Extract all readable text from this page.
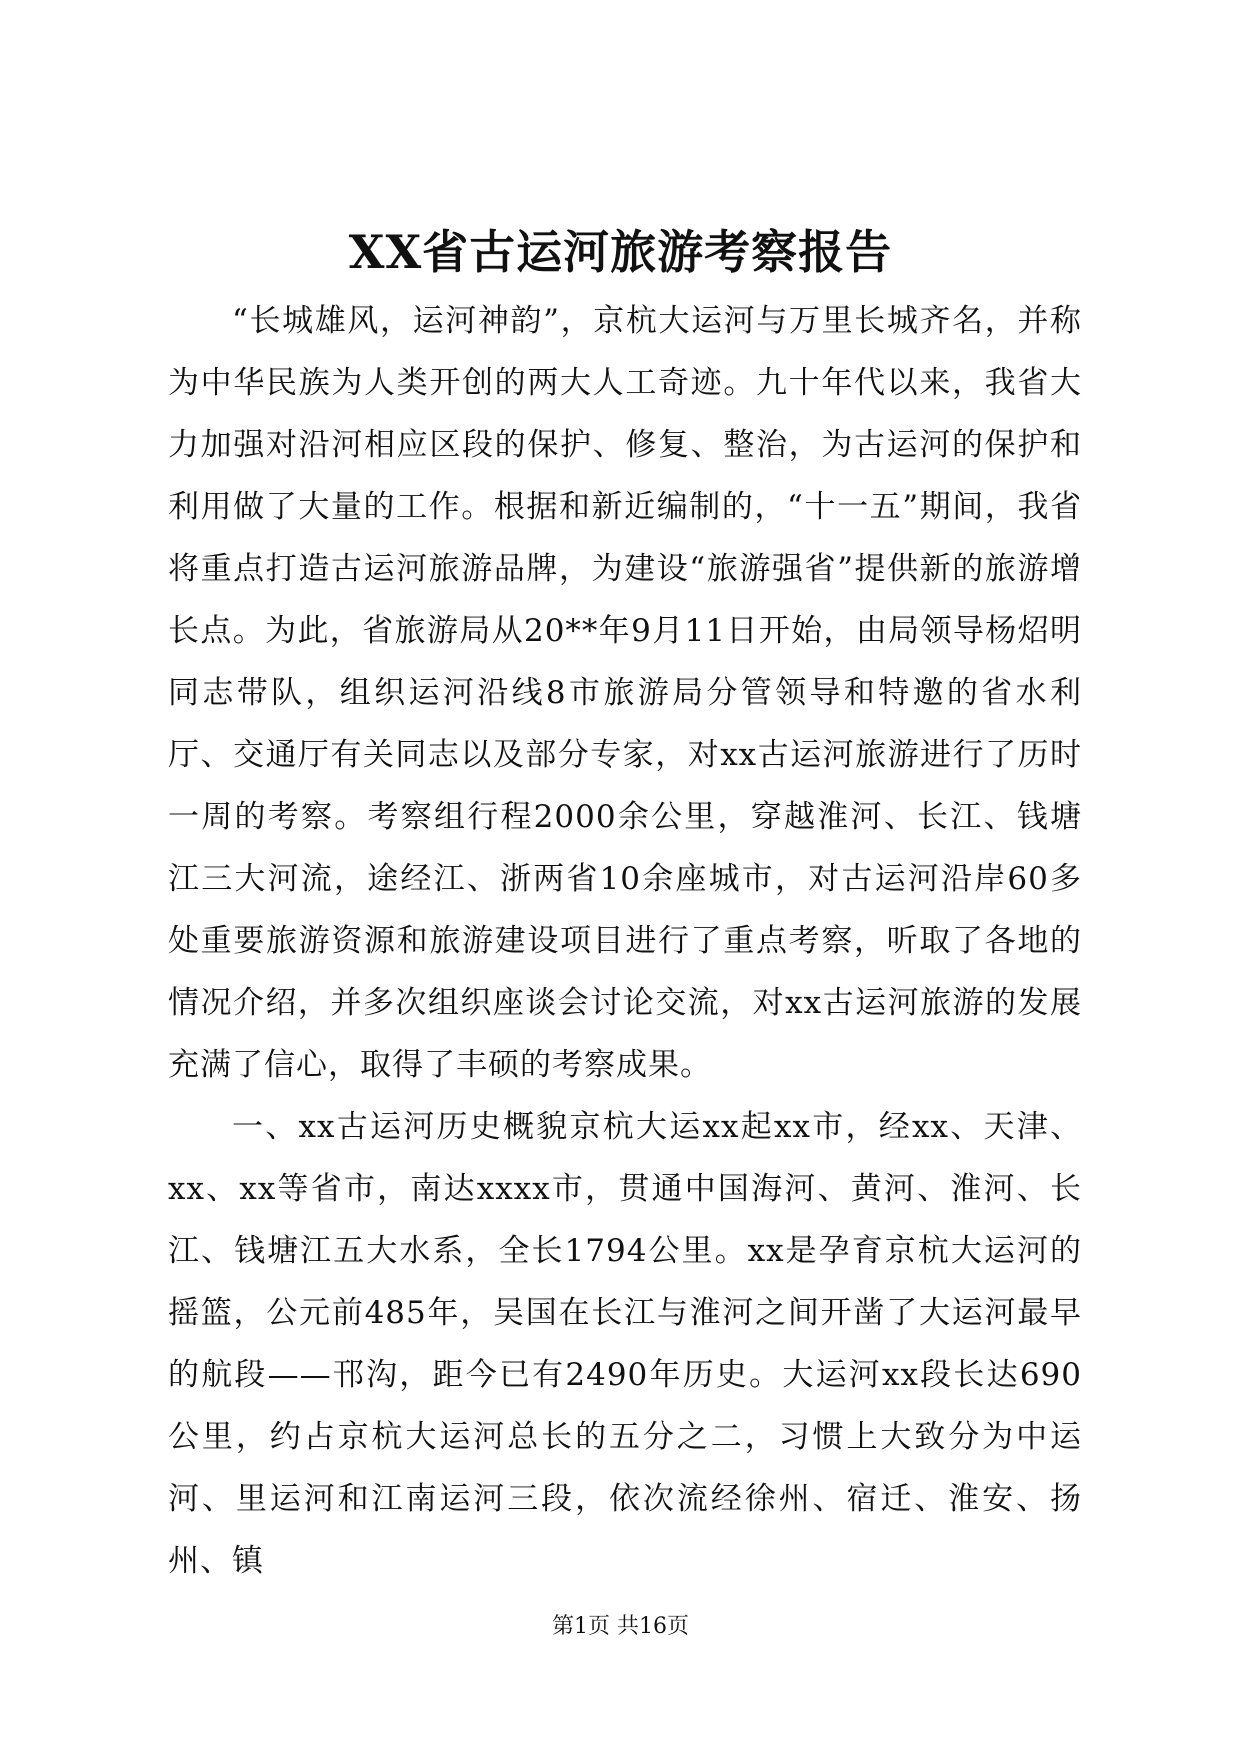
XX省古运河旅游考察报告

“长城雄风，运河神韵”，京杭大运河与万里长城齐名，并称为中华民族为人类开创的两大人工奇迹。九十年代以来，我省大力加强对沿河相应区段的保护、修复、整治，为古运河的保护和利用做了大量的工作。根据和新近编制的，“十一五”期间，我省将重点打造古运河旅游品牌，为建设“旅游强省”提供新的旅游增长点。为此，省旅游局从20**年9月11日开始，由局领导杨炤明同志带队，组织运河沿线8市旅游局分管领导和特邀的省水利厅、交通厅有关同志以及部分专家，对xx古运河旅游进行了历时一周的考察。考察组行程2000余公里，穿越淮河、长江、钱塘江三大河流，途经江、浙两省10余座城市，对古运河沿岸60多处重要旅游资源和旅游建设项目进行了重点考察，听取了各地的情况介绍，并多次组织座谈会讨论交流，对xx古运河旅游的发展充满了信心，取得了丰硕的考察成果。

一、xx古运河历史概貌京杭大运xx起xx市，经xx、天津、xx、xx等省市，南达xxxx市，贯通中国海河、黄河、淮河、长江、钱塘江五大水系，全长1794公里。xx是孕育京杭大运河的摇篮，公元前485年，吴国在长江与淮河之间开凿了大运河最早的航段——邗沟，距今已有2490年历史。大运河xx段长达690公里，约占京杭大运河总长的五分之二，习惯上大致分为中运河、里运河和江南运河三段，依次流经徐州、宿迁、淮安、扬州、镇

第1页 共16页
